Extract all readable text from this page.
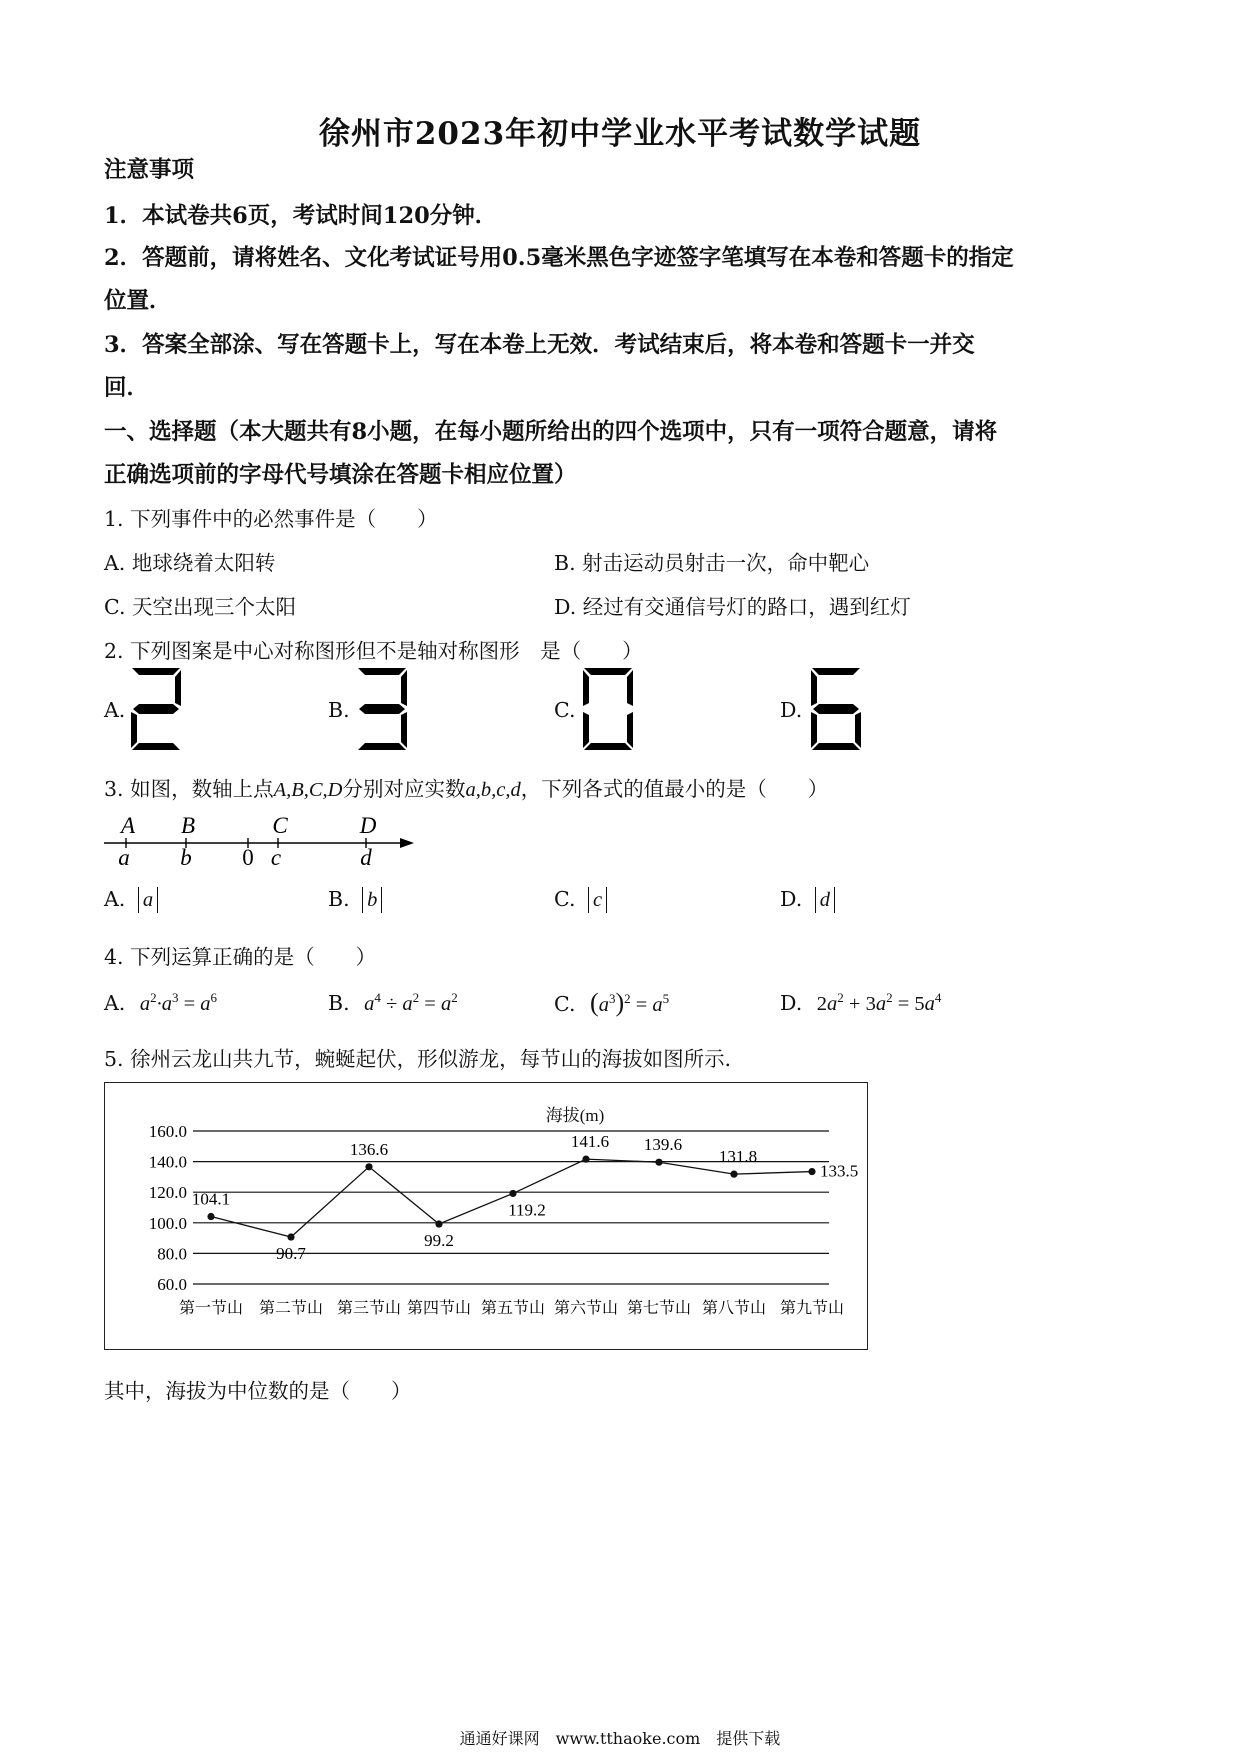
徐州市2023年初中学业水平考试数学试题
注意事项
1．本试卷共6页，考试时间120分钟．
2．答题前，请将姓名、文化考试证号用0.5毫米黑色字迹签字笔填写在本卷和答题卡的指定
位置．
3．答案全部涂、写在答题卡上，写在本卷上无效．考试结束后，将本卷和答题卡一并交
回．
一、选择题（本大题共有8小题，在每小题所给出的四个选项中，只有一项符合题意，请将
正确选项前的字母代号填涂在答题卡相应位置）
1. 下列事件中的必然事件是（　　）
A. 地球绕着太阳转	B. 射击运动员射击一次，命中靶心
C. 天空出现三个太阳	D. 经过有交通信号灯的路口，遇到红灯
2. 下列图案是中心对称图形但不是轴对称图形　是（　　）
A.	B.	C.	D.
3. 如图，数轴上点A,B,C,D分别对应实数a,b,c,d，下列各式的值最小的是（　　）
A B	C	D
a b 0 c	d
A. a	B. b	C. c	D. d
4. 下列运算正确的是（　　）
A. $a^2\cdot a^3 = a^6$	B. $a^4 \div a^2 = a^2$	C. $(a^3)^2 = a^5$	D. $2a^2 + 3a^2 = 5a^4$
5. 徐州云龙山共九节，蜿蜒起伏，形似游龙，每节山的海拔如图所示．
海拔(m)
160.0
140.0
120.0
100.0
80.0
60.0
第一节山 第二节山 第三节山 第四节山 第五节山 第六节山 第七节山 第八节山 第九节山
104.1
90.7
136.6
99.2
119.2
141.6 139.6
131.8
133.5
其中，海拔为中位数的是（　　）
通通好课网　www.tthaoke.com　提供下载
